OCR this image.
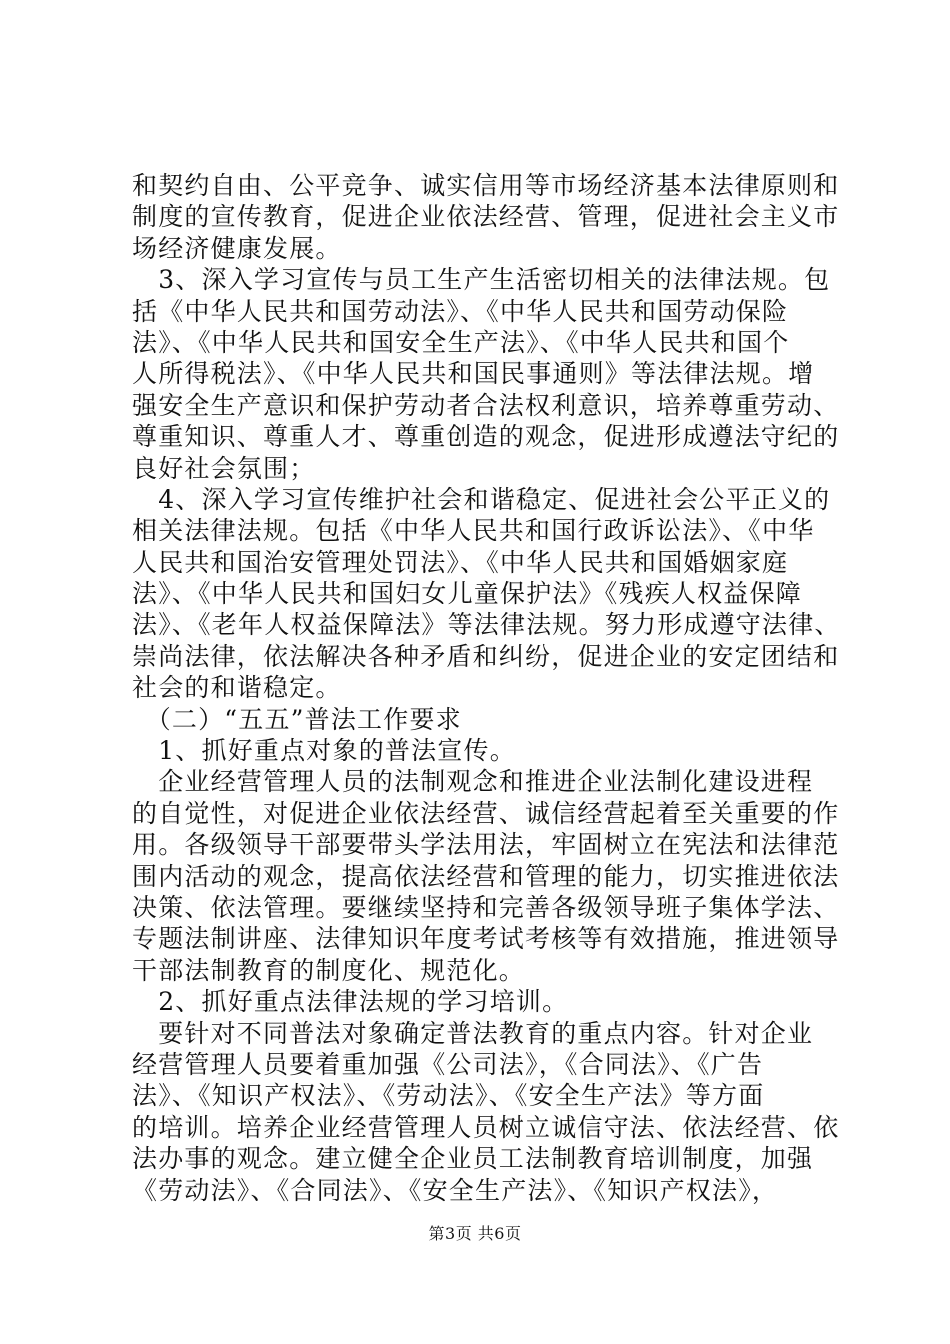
和契约自由、公平竞争、诚实信用等市场经济基本法律原则和
制度的宣传教育，促进企业依法经营、管理，促进社会主义市
场经济健康发展。
　3、深入学习宣传与员工生产生活密切相关的法律法规。包
括《中华人民共和国劳动法》、《中华人民共和国劳动保险
法》、《中华人民共和国安全生产法》、《中华人民共和国个
人所得税法》、《中华人民共和国民事通则》等法律法规。增
强安全生产意识和保护劳动者合法权利意识，培养尊重劳动、
尊重知识、尊重人才、尊重创造的观念，促进形成遵法守纪的
良好社会氛围；
　4、深入学习宣传维护社会和谐稳定、促进社会公平正义的
相关法律法规。包括《中华人民共和国行政诉讼法》、《中华
人民共和国治安管理处罚法》、《中华人民共和国婚姻家庭
法》、《中华人民共和国妇女儿童保护法》《残疾人权益保障
法》、《老年人权益保障法》等法律法规。努力形成遵守法律、
崇尚法律，依法解决各种矛盾和纠纷，促进企业的安定团结和
社会的和谐稳定。
　（二）“五五”普法工作要求
　1、抓好重点对象的普法宣传。
　企业经营管理人员的法制观念和推进企业法制化建设进程
的自觉性，对促进企业依法经营、诚信经营起着至关重要的作
用。各级领导干部要带头学法用法，牢固树立在宪法和法律范
围内活动的观念，提高依法经营和管理的能力，切实推进依法
决策、依法管理。要继续坚持和完善各级领导班子集体学法、
专题法制讲座、法律知识年度考试考核等有效措施，推进领导
干部法制教育的制度化、规范化。
　2、抓好重点法律法规的学习培训。
　要针对不同普法对象确定普法教育的重点内容。针对企业
经营管理人员要着重加强《公司法》，《合同法》、《广告
法》、《知识产权法》、《劳动法》、《安全生产法》等方面
的培训。培养企业经营管理人员树立诚信守法、依法经营、依
法办事的观念。建立健全企业员工法制教育培训制度，加强
《劳动法》、《合同法》、《安全生产法》、《知识产权法》，
第3页 共6页
